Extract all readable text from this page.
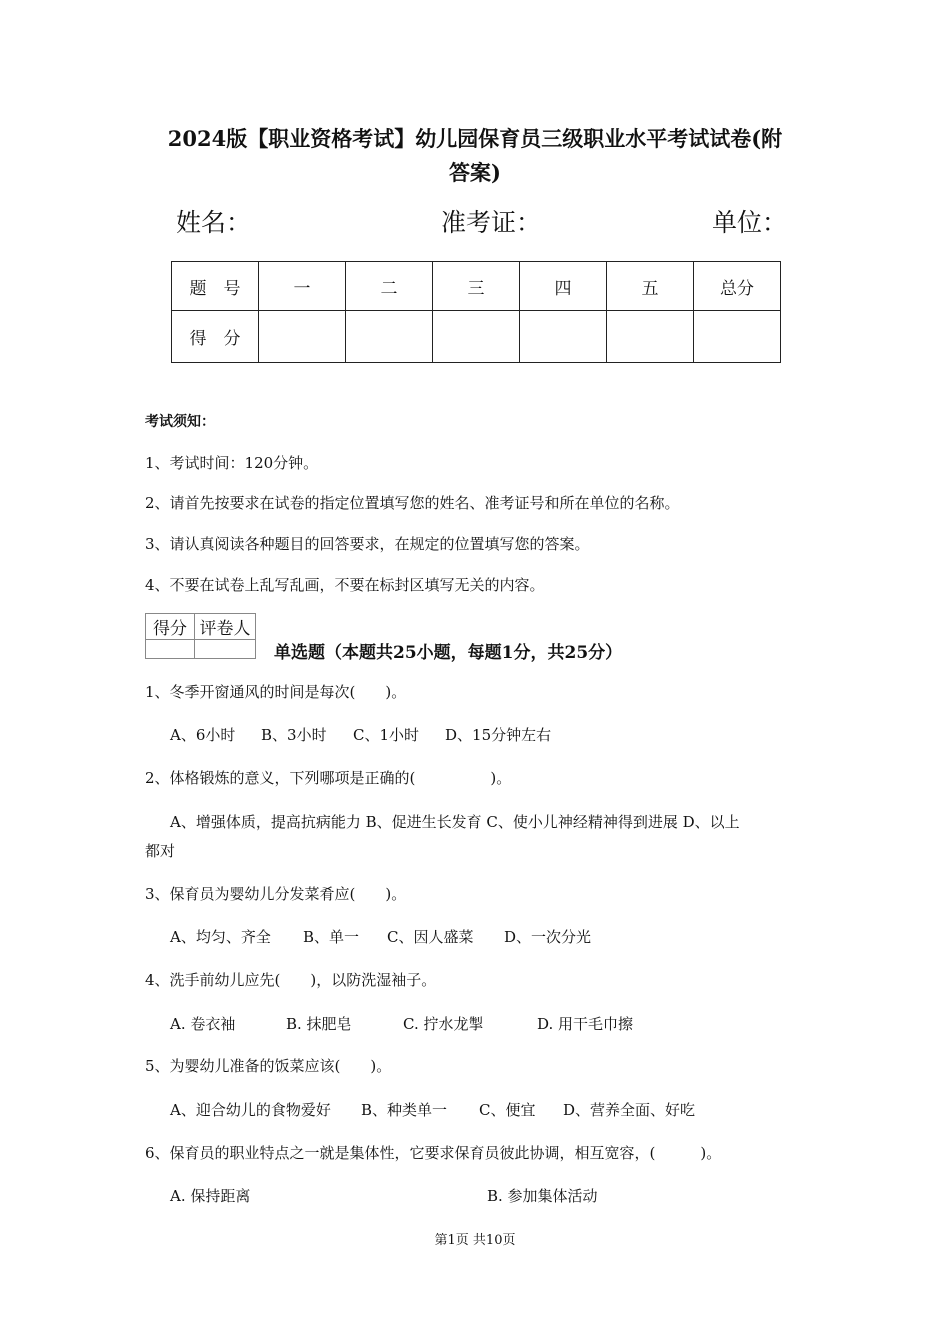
2024版【职业资格考试】幼儿园保育员三级职业水平考试试卷(附
答案)
姓名：	准考证：	单位：
题　号	一	二	三	四	五	总分
得　分						
考试须知：
1、考试时间：120分钟。
2、请首先按要求在试卷的指定位置填写您的姓名、准考证号和所在单位的名称。
3、请认真阅读各种题目的回答要求，在规定的位置填写您的答案。
4、不要在试卷上乱写乱画，不要在标封区填写无关的内容。
得分	评卷人

单选题（本题共25小题，每题1分，共25分）
1、冬季开窗通风的时间是每次(　　)。
A、6小时 B、3小时 C、1小时 D、15分钟左右
2、体格锻炼的意义，下列哪项是正确的(　　　　　)。
A、增强体质，提高抗病能力 B、促进生长发育 C、使小儿神经精神得到进展 D、以上
都对
3、保育员为婴幼儿分发菜肴应(　　)。
A、均匀、齐全 B、单一 C、因人盛菜 D、一次分光
4、洗手前幼儿应先(　　)，以防洗湿袖子。
A. 卷衣袖	B. 抹肥皂	C. 拧水龙掣	D. 用干毛巾擦
5、为婴幼儿准备的饭菜应该(　　)。
A、迎合幼儿的食物爱好 B、种类单一 C、便宜 D、营养全面、好吃
6、保育员的职业特点之一就是集体性，它要求保育员彼此协调，相互宽容，(　　　)。
A. 保持距离	B. 参加集体活动
第1页 共10页
